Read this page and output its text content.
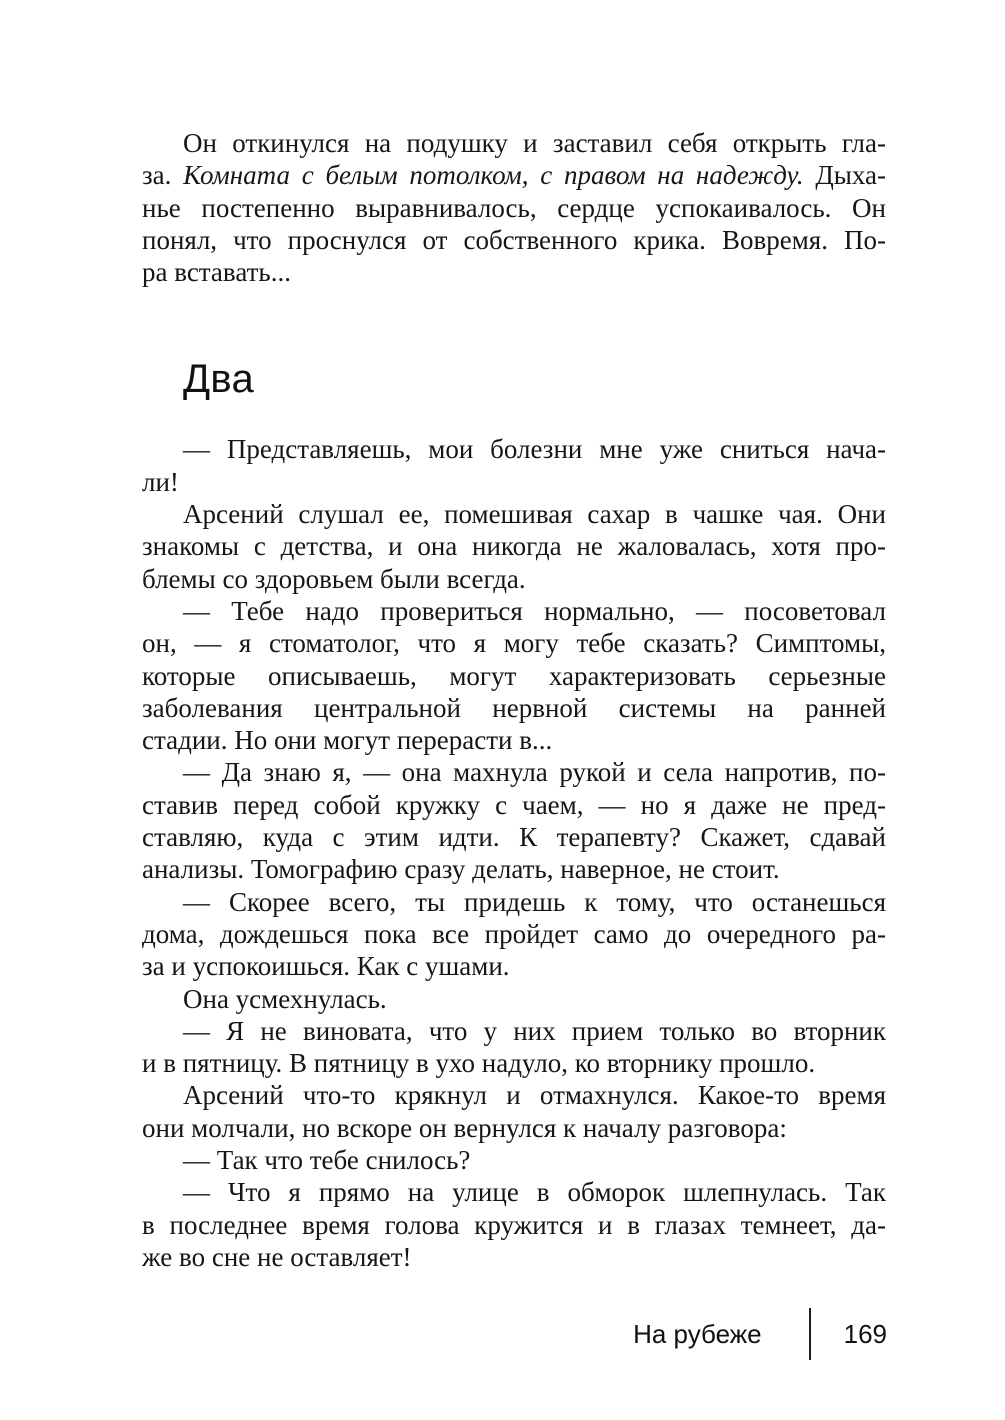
Он откинулся на подушку и заставил себя открыть гла-
за. Комната с белым потолком, с правом на надежду. Дыха-
нье постепенно выравнивалось, сердце успокаивалось. Он
понял, что проснулся от собственного крика. Вовремя. По-
ра вставать...
Два
— Представляешь, мои болезни мне уже сниться нача-
ли!
Арсений слушал ее, помешивая сахар в чашке чая. Они
знакомы с детства, и она никогда не жаловалась, хотя про-
блемы со здоровьем были всегда.
— Тебе надо провериться нормально, — посоветовал
он, — я стоматолог, что я могу тебе сказать? Симптомы,
которые описываешь, могут характеризовать серьезные
заболевания центральной нервной системы на ранней
стадии. Но они могут перерасти в...
— Да знаю я, — она махнула рукой и села напротив, по-
ставив перед собой кружку с чаем, — но я даже не пред-
ставляю, куда с этим идти. К терапевту? Скажет, сдавай
анализы. Томографию сразу делать, наверное, не стоит.
— Скорее всего, ты придешь к тому, что останешься
дома, дождешься пока все пройдет само до очередного ра-
за и успокоишься. Как с ушами.
Она усмехнулась.
— Я не виновата, что у них прием только во вторник
и в пятницу. В пятницу в ухо надуло, ко вторнику прошло.
Арсений что-то крякнул и отмахнулся. Какое-то время
они молчали, но вскоре он вернулся к началу разговора:
— Так что тебе снилось?
— Что я прямо на улице в обморок шлепнулась. Так
в последнее время голова кружится и в глазах темнеет, да-
же во сне не оставляет!
На рубеже	169
